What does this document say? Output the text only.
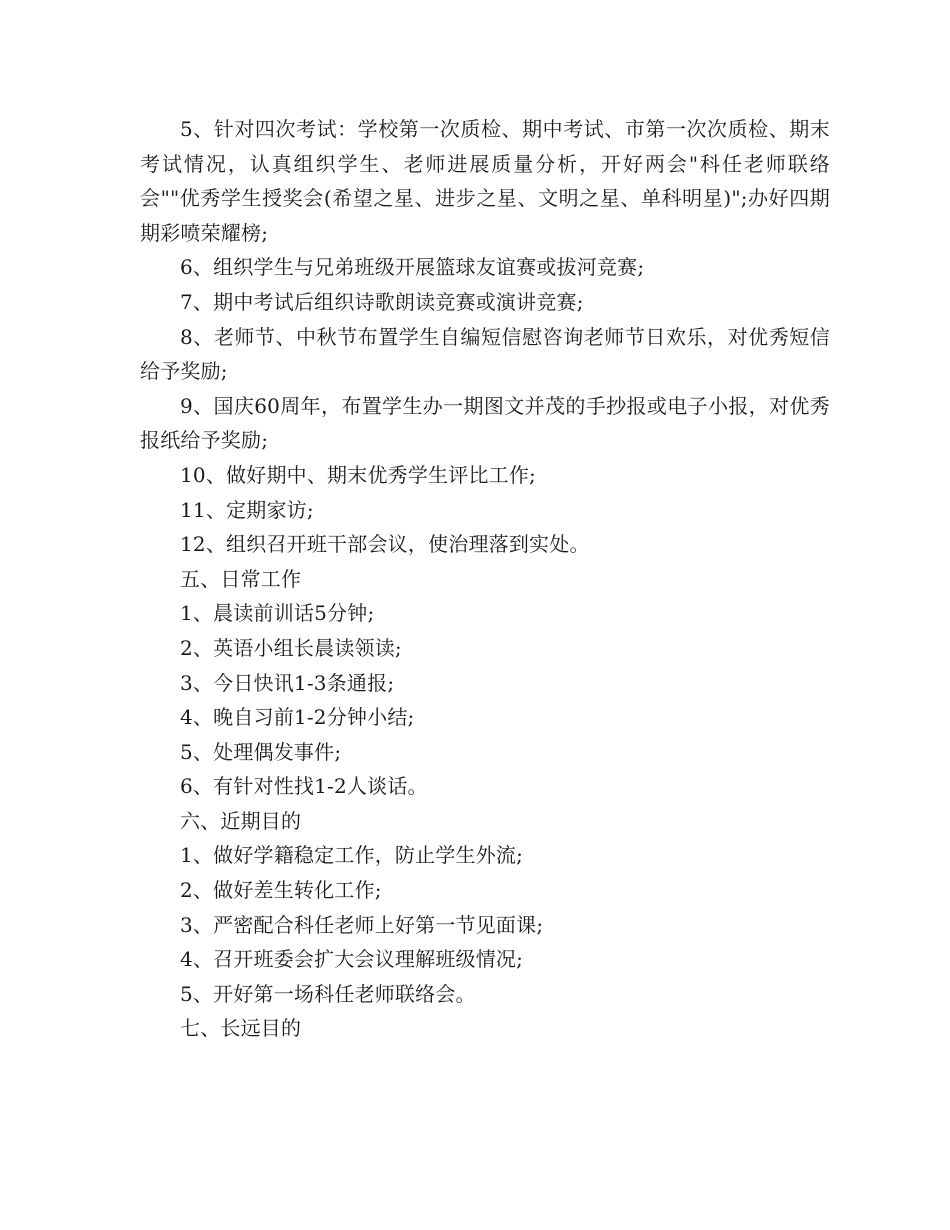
5、针对四次考试：学校第一次质检、期中考试、市第一次次质检、期末考试情况，认真组织学生、老师进展质量分析，开好两会"科任老师联络会""优秀学生授奖会(希望之星、进步之星、文明之星、单科明星)";办好四期期彩喷荣耀榜;

6、组织学生与兄弟班级开展篮球友谊赛或拔河竞赛;

7、期中考试后组织诗歌朗读竞赛或演讲竞赛;

8、老师节、中秋节布置学生自编短信慰咨询老师节日欢乐，对优秀短信给予奖励;

9、国庆60周年，布置学生办一期图文并茂的手抄报或电子小报，对优秀报纸给予奖励;

10、做好期中、期末优秀学生评比工作;

11、定期家访;

12、组织召开班干部会议，使治理落到实处。

五、日常工作

1、晨读前训话5分钟;

2、英语小组长晨读领读;

3、今日快讯1-3条通报;

4、晚自习前1-2分钟小结;

5、处理偶发事件;

6、有针对性找1-2人谈话。

六、近期目的

1、做好学籍稳定工作，防止学生外流;

2、做好差生转化工作;

3、严密配合科任老师上好第一节见面课;

4、召开班委会扩大会议理解班级情况;

5、开好第一场科任老师联络会。

七、长远目的
